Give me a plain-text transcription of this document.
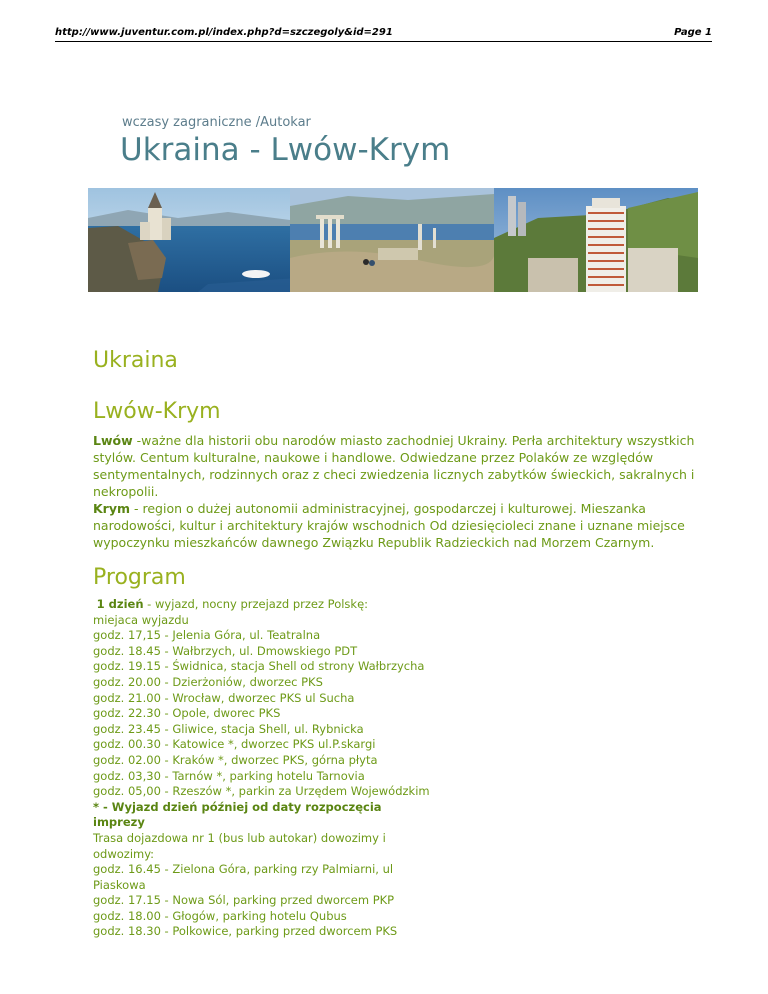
http://www.juventur.com.pl/index.php?d=szczegoly&id=291	Page 1
wczasy zagraniczne /Autokar
Ukraina - Lwów-Krym
Ukraina
Lwów-Krym
Lwów -ważne dla historii obu narodów miasto zachodniej Ukrainy. Perła architektury wszystkich stylów. Centum kulturalne, naukowe i handlowe. Odwiedzane przez Polaków ze względów sentymentalnych, rodzinnych oraz z checi zwiedzenia licznych zabytków świeckich, sakralnych i nekropolii.
Krym - region o dużej autonomii administracyjnej, gospodarczej i kulturowej. Mieszanka narodowości, kultur i architektury krajów wschodnich Od dziesięcioleci znane i uznane miejsce wypoczynku mieszkańców dawnego Związku Republik Radzieckich nad Morzem Czarnym.
Program
1 dzień - wyjazd, nocny przejazd przez Polskę:
miejaca wyjazdu
godz. 17,15 - Jelenia Góra, ul. Teatralna
godz. 18.45 - Wałbrzych, ul. Dmowskiego PDT
godz. 19.15 - Świdnica, stacja Shell od strony Wałbrzycha
godz. 20.00 - Dzierżoniów, dworzec PKS
godz. 21.00 - Wrocław, dworzec PKS ul Sucha
godz. 22.30 - Opole, dworec PKS
godz. 23.45 - Gliwice, stacja Shell, ul. Rybnicka
godz. 00.30 - Katowice *, dworzec PKS ul.P.skargi
godz. 02.00 - Kraków *, dworzec PKS, górna płyta
godz. 03,30 - Tarnów *, parking hotelu Tarnovia
godz. 05,00 - Rzeszów *, parkin za Urzędem Wojewódzkim
* - Wyjazd dzień później od daty rozpoczęcia imprezy
Trasa dojazdowa nr 1 (bus lub autokar) dowozimy i odwozimy:
godz. 16.45 - Zielona Góra, parking rzy Palmiarni, ul Piaskowa
godz. 17.15 - Nowa Sól, parking przed dworcem PKP
godz. 18.00 - Głogów, parking hotelu Qubus
godz. 18.30 - Polkowice, parking przed dworcem PKS
